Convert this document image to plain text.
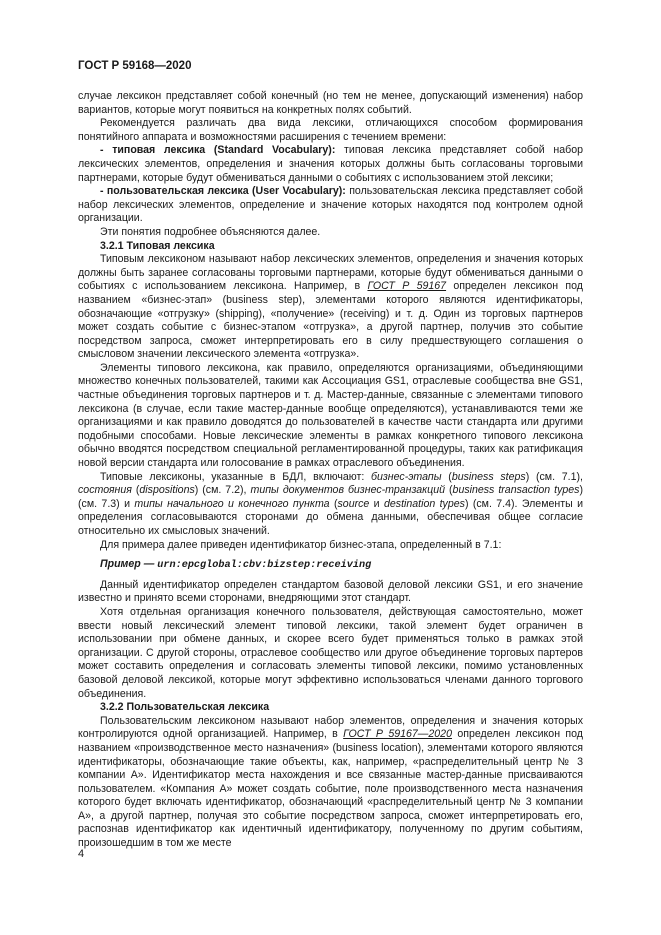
ГОСТ Р 59168—2020

случае лексикон представляет собой конечный (но тем не менее, допускающий изменения) набор вариантов, которые могут появиться на конкретных полях событий.

Рекомендуется различать два вида лексики, отличающихся способом формирования понятийного аппарата и возможностями расширения с течением времени:

- типовая лексика (Standard Vocabulary): типовая лексика представляет собой набор лексических элементов, определения и значения которых должны быть согласованы торговыми партнерами, которые будут обмениваться данными о событиях с использованием этой лексики;

- пользовательская лексика (User Vocabulary): пользовательская лексика представляет собой набор лексических элементов, определение и значение которых находятся под контролем одной организации.

Эти понятия подробнее объясняются далее.

3.2.1 Типовая лексика

Типовым лексиконом называют набор лексических элементов, определения и значения которых должны быть заранее согласованы торговыми партнерами, которые будут обмениваться данными о событиях с использованием лексикона. Например, в ГОСТ Р 59167 определен лексикон под названием «бизнес-этап» (business step), элементами которого являются идентификаторы, обозначающие «отгрузку» (shipping), «получение» (receiving) и т. д. Один из торговых партнеров может создать событие с бизнес-этапом «отгрузка», а другой партнер, получив это событие посредством запроса, сможет интерпретировать его в силу предшествующего соглашения о смысловом значении лексического элемента «отгрузка».

Элементы типового лексикона, как правило, определяются организациями, объединяющими множество конечных пользователей, такими как Ассоциация GS1, отраслевые сообщества вне GS1, частные объединения торговых партнеров и т. д. Мастер-данные, связанные с элементами типового лексикона (в случае, если такие мастер-данные вообще определяются), устанавливаются теми же организациями и как правило доводятся до пользователей в качестве части стандарта или другими подобными способами. Новые лексические элементы в рамках конкретного типового лексикона обычно вводятся посредством специальной регламентированной процедуры, таких как ратификация новой версии стандарта или голосование в рамках отраслевого объединения.

Типовые лексиконы, указанные в БДЛ, включают: бизнес-этапы (business steps) (см. 7.1), состояния (dispositions) (см. 7.2), типы документов бизнес-транзакций (business transaction types) (см. 7.3) и типы начального и конечного пункта (source и destination types) (см. 7.4). Элементы и определения согласовываются сторонами до обмена данными, обеспечивая общее согласие относительно их смысловых значений.

Для примера далее приведен идентификатор бизнес-этапа, определенный в 7.1:

Пример — urn:epcglobal:cbv:bizstep:receiving

Данный идентификатор определен стандартом базовой деловой лексики GS1, и его значение известно и принято всеми сторонами, внедряющими этот стандарт.

Хотя отдельная организация конечного пользователя, действующая самостоятельно, может ввести новый лексический элемент типовой лексики, такой элемент будет ограничен в использовании при обмене данных, и скорее всего будет применяться только в рамках этой организации. С другой стороны, отраслевое сообщество или другое объединение торговых партеров может составить определения и согласовать элементы типовой лексики, помимо установленных базовой деловой лексикой, которые могут эффективно использоваться членами данного торгового объединения.

3.2.2 Пользовательская лексика

Пользовательским лексиконом называют набор элементов, определения и значения которых контролируются одной организацией. Например, в ГОСТ Р 59167—2020 определен лексикон под названием «производственное место назначения» (business location), элементами которого являются идентификаторы, обозначающие такие объекты, как, например, «распределительный центр № 3 компании А». Идентификатор места нахождения и все связанные мастер-данные присваиваются пользователем. «Компания А» может создать событие, поле производственного места назначения которого будет включать идентификатор, обозначающий «распределительный центр № 3 компании А», а другой партнер, получая это событие посредством запроса, сможет интерпретировать его, распознав идентификатор как идентичный идентификатору, полученному по другим событиям, произошедшим в том же месте

4
